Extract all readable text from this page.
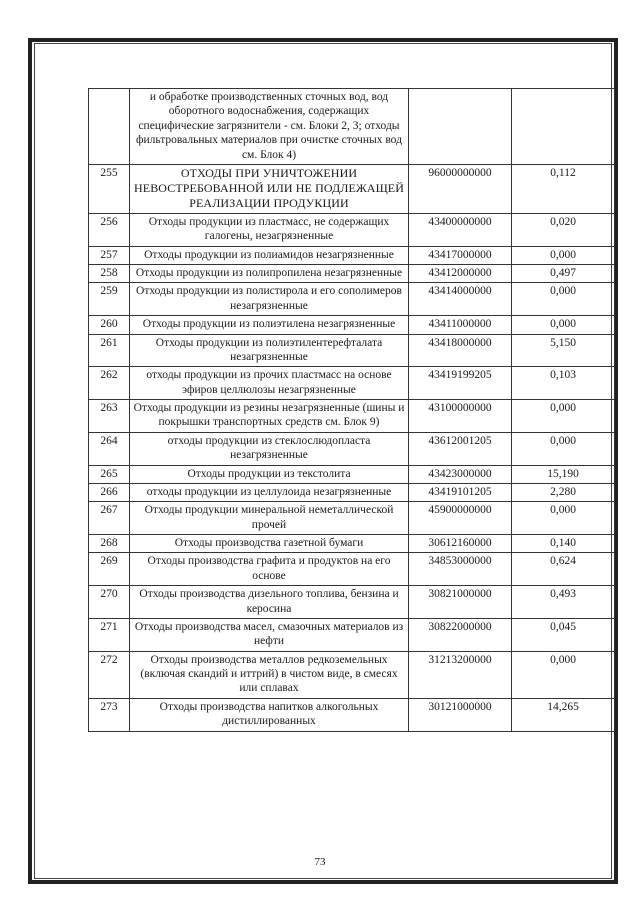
	и обработке производственных сточных вод, вод оборотного водоснабжения, содержащих специфические загрязнители - см. Блоки 2, 3; отходы фильтровальных материалов при очистке сточных вод см. Блок 4)		
255	ОТХОДЫ ПРИ УНИЧТОЖЕНИИ НЕВОСТРЕБОВАННОЙ ИЛИ НЕ ПОДЛЕЖАЩЕЙ РЕАЛИЗАЦИИ ПРОДУКЦИИ	96000000000	0,112
256	Отходы продукции из пластмасс, не содержащих галогены, незагрязненные	43400000000	0,020
257	Отходы продукции из полиамидов незагрязненные	43417000000	0,000
258	Отходы продукции из полипропилена незагрязненные	43412000000	0,497
259	Отходы продукции из полистирола и его сополимеров незагрязненные	43414000000	0,000
260	Отходы продукции из полиэтилена незагрязненные	43411000000	0,000
261	Отходы продукции из полиэтилентерефталата незагрязненные	43418000000	5,150
262	отходы продукции из прочих пластмасс на основе эфиров целлюлозы незагрязненные	43419199205	0,103
263	Отходы продукции из резины незагрязненные (шины и покрышки транспортных средств см. Блок 9)	43100000000	0,000
264	отходы продукции из стеклослюдопласта незагрязненные	43612001205	0,000
265	Отходы продукции из текстолита	43423000000	15,190
266	отходы продукции из целлулоида незагрязненные	43419101205	2,280
267	Отходы продукции минеральной неметаллической прочей	45900000000	0,000
268	Отходы производства газетной бумаги	30612160000	0,140
269	Отходы производства графита и продуктов на его основе	34853000000	0,624
270	Отходы производства дизельного топлива, бензина и керосина	30821000000	0,493
271	Отходы производства масел, смазочных материалов из нефти	30822000000	0,045
272	Отходы производства металлов редкоземельных (включая скандий и иттрий) в чистом виде, в смесях или сплавах	31213200000	0,000
273	Отходы производства напитков алкогольных дистиллированных	30121000000	14,265
73
